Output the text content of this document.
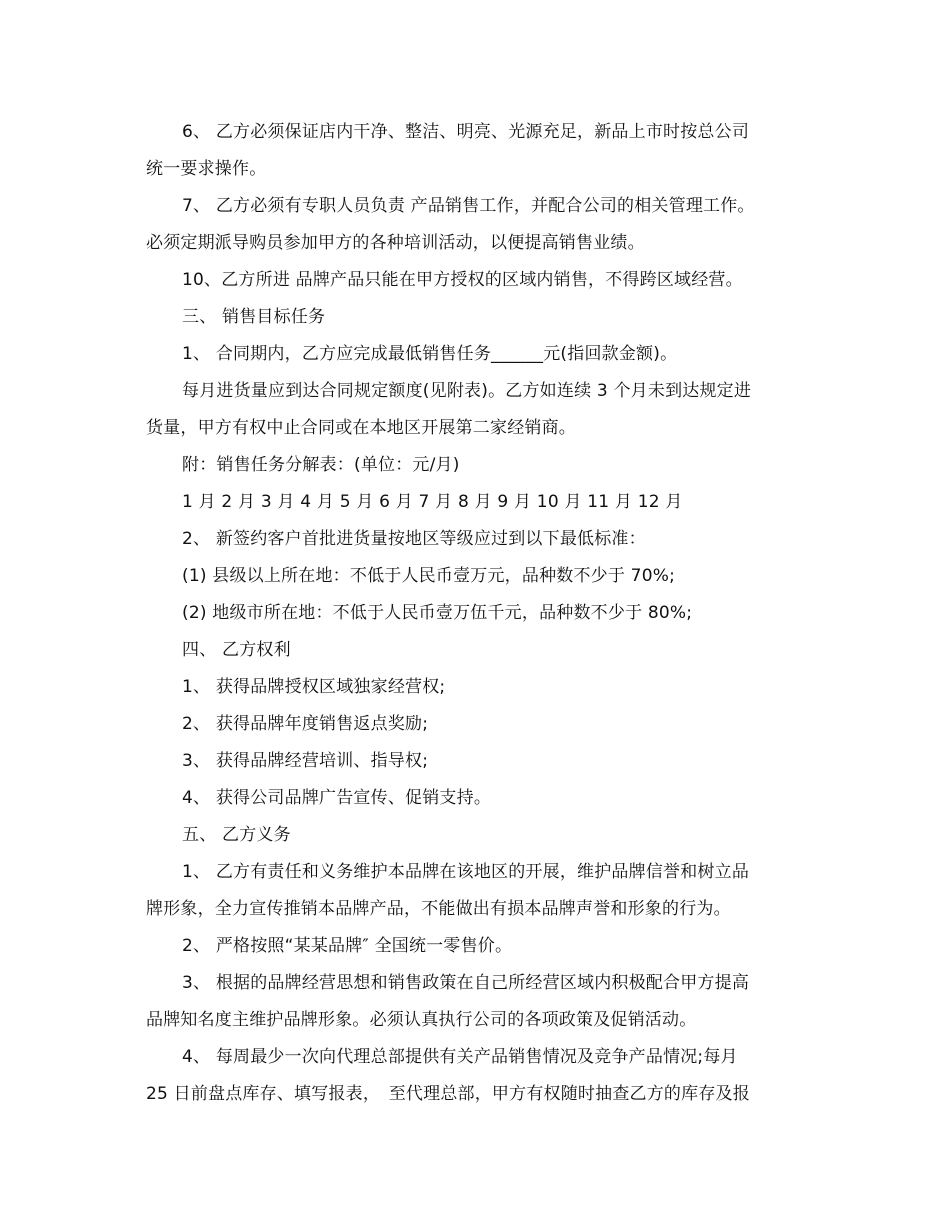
6、 乙方必须保证店内干净、整洁、明亮、光源充足，新品上市时按总公司
统一要求操作。
7、 乙方必须有专职人员负责 产品销售工作，并配合公司的相关管理工作。
必须定期派导购员参加甲方的各种培训活动，以便提高销售业绩。
10、乙方所进 品牌产品只能在甲方授权的区域内销售，不得跨区域经营。
三、 销售目标任务
1、 合同期内，乙方应完成最低销售任务______元(指回款金额)。
每月进货量应到达合同规定额度(见附表)。乙方如连续 3 个月未到达规定进
货量，甲方有权中止合同或在本地区开展第二家经销商。
附：销售任务分解表：(单位：元/月)
1 月 2 月 3 月 4 月 5 月 6 月 7 月 8 月 9 月 10 月 11 月 12 月
2、 新签约客户首批进货量按地区等级应过到以下最低标准：
(1) 县级以上所在地：不低于人民币壹万元，品种数不少于 70%;
(2) 地级市所在地：不低于人民币壹万伍千元，品种数不少于 80%;
四、 乙方权利
1、 获得品牌授权区域独家经营权;
2、 获得品牌年度销售返点奖励;
3、 获得品牌经营培训、指导权;
4、 获得公司品牌广告宣传、促销支持。
五、 乙方义务
1、 乙方有责任和义务维护本品牌在该地区的开展，维护品牌信誉和树立品
牌形象，全力宣传推销本品牌产品，不能做出有损本品牌声誉和形象的行为。
2、 严格按照“某某品牌″ 全国统一零售价。
3、 根据的品牌经营思想和销售政策在自己所经营区域内积极配合甲方提高
品牌知名度主维护品牌形象。必须认真执行公司的各项政策及促销活动。
4、 每周最少一次向代理总部提供有关产品销售情况及竞争产品情况;每月
25 日前盘点库存、填写报表，　至代理总部，甲方有权随时抽查乙方的库存及报
